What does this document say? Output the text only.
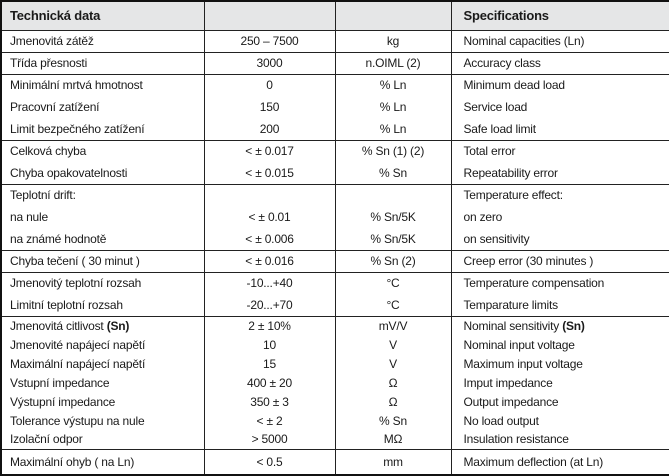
Technická data			Specifications
Jmenovitá zátěž	250 – 7500	kg	Nominal capacities (Ln)
Třída přesnosti	3000	n.OIML (2)	Accuracy class
Minimální mrtvá hmotnost	0	% Ln	Minimum dead load
Pracovní zatížení	150	% Ln	Service load
Limit bezpečného zatížení	200	% Ln	Safe load limit
Celková chyba	< ± 0.017	% Sn (1) (2)	Total error
Chyba opakovatelnosti	< ± 0.015	% Sn	Repeatability error
Teplotní drift:			Temperature effect:
na nule	< ± 0.01	% Sn/5K	on zero
na známé hodnotě	< ± 0.006	% Sn/5K	on sensitivity
Chyba tečení ( 30 minut )	< ± 0.016	% Sn (2)	Creep error (30 minutes )
Jmenovitý teplotní rozsah	-10...+40	°C	Temperature compensation
Limitní teplotní rozsah	-20...+70	°C	Temparature limits
Jmenovitá citlivost (Sn)	2 ± 10%	mV/V	Nominal sensitivity (Sn)
Jmenovité napájecí napětí	10	V	Nominal input voltage
Maximální napájecí napětí	15	V	Maximum input voltage
Vstupní impedance	400 ± 20	Ω	Imput impedance
Výstupní impedance	350 ± 3	Ω	Output impedance
Tolerance výstupu na nule	< ± 2	% Sn	No load output
Izolační odpor	> 5000	MΩ	Insulation resistance
Maximální ohyb ( na Ln)	< 0.5	mm	Maximum deflection (at Ln)
